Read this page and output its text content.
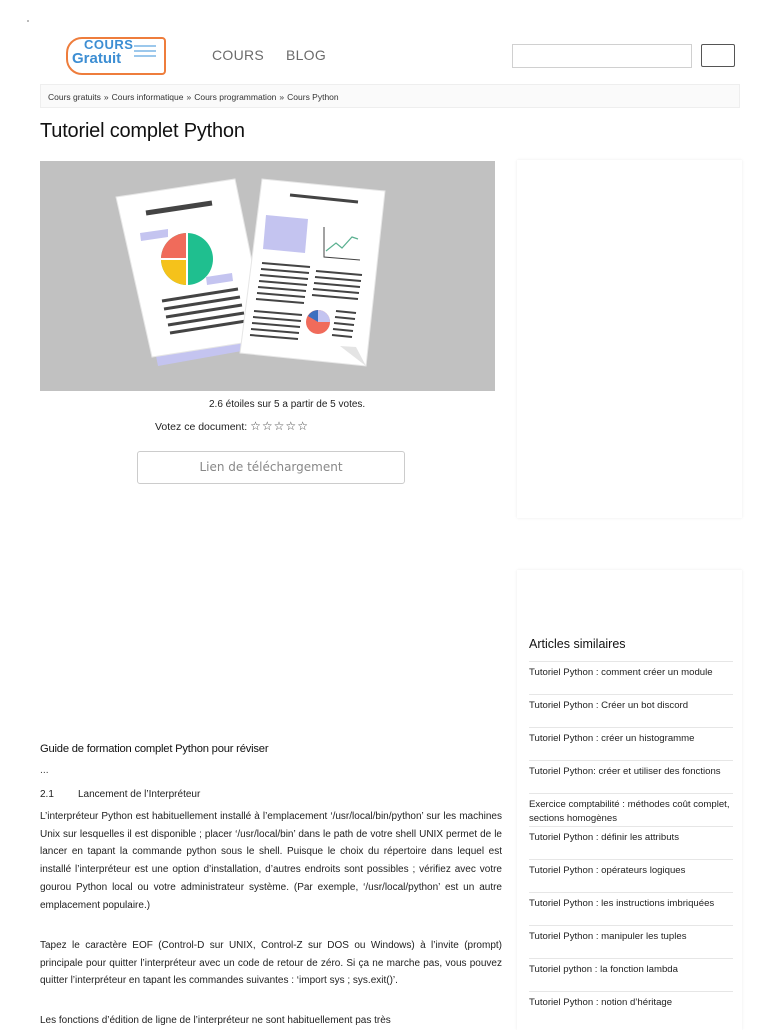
COURS
Gratuit	COURS BLOG
Cours gratuits » Cours informatique » Cours programmation » Cours Python
Tutoriel complet Python
2.6 étoiles sur 5 a partir de 5 votes.
Votez ce document: ☆☆☆☆☆
Lien de téléchargement
Articles similaires
Tutoriel Python : comment créer un module
Tutoriel Python : Créer un bot discord
Tutoriel Python : créer un histogramme
Tutoriel Python: créer et utiliser des fonctions
Exercice comptabilité : méthodes coût complet, sections homogènes
Tutoriel Python : définir les attributs
Tutoriel Python : opérateurs logiques
Tutoriel Python : les instructions imbriquées
Tutoriel Python : manipuler les tuples
Tutoriel python : la fonction lambda
Tutoriel Python : notion d’héritage
Guide de formation complet Python pour réviser
...
2.1 Lancement de l’Interpréteur

L’interpréteur Python est habituellement installé à l’emplacement ‘/usr/local/bin/python’ sur les machines Unix sur lesquelles il est disponible ; placer ‘/usr/local/bin’ dans le path de votre shell UNIX permet de le lancer en tapant la commande python sous le shell. Puisque le choix du répertoire dans lequel est installé l’interpréteur est une option d’installation, d’autres endroits sont possibles ; vérifiez avec votre gourou Python local ou votre administrateur système. (Par exemple, ‘/usr/local/python’ est un autre emplacement populaire.)

Tapez le caractère EOF (Control-D sur UNIX, Control-Z sur DOS ou Windows) à l’invite (prompt) principale pour quitter l’interpréteur avec un code de retour de zéro. Si ça ne marche pas, vous pouvez quitter l’interpréteur en tapant les commandes suivantes : ‘import sys ; sys.exit()’.

Les fonctions d’édition de ligne de l’interpréteur ne sont habituellement pas très
